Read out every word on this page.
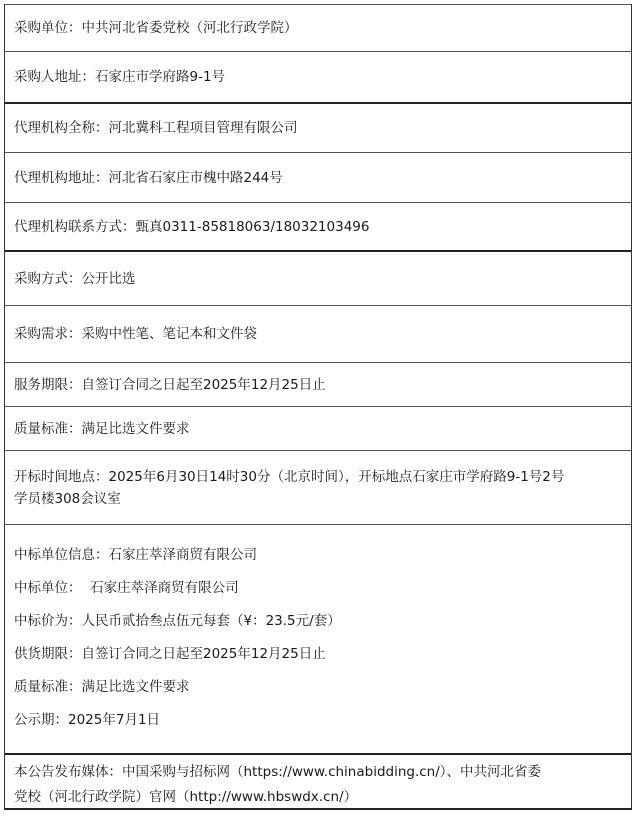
采购单位：中共河北省委党校（河北行政学院）
采购人地址：石家庄市学府路9-1号
代理机构全称：河北冀科工程项目管理有限公司
代理机构地址：河北省石家庄市槐中路244号
代理机构联系方式：甄真0311-85818063/18032103496
采购方式：公开比选
采购需求：采购中性笔、笔记本和文件袋
服务期限：自签订合同之日起至2025年12月25日止
质量标准：满足比选文件要求
开标时间地点：2025年6月30日14时30分（北京时间），开标地点石家庄市学府路9-1号2号
学员楼308会议室
中标单位信息：石家庄萃泽商贸有限公司
中标单位：  石家庄萃泽商贸有限公司
中标价为：人民币贰拾叁点伍元每套（¥：23.5元/套）
供货期限：自签订合同之日起至2025年12月25日止
质量标准：满足比选文件要求
公示期：2025年7月1日
本公告发布媒体：中国采购与招标网（https://www.chinabidding.cn/）、中共河北省委
党校（河北行政学院）官网（http://www.hbswdx.cn/）
